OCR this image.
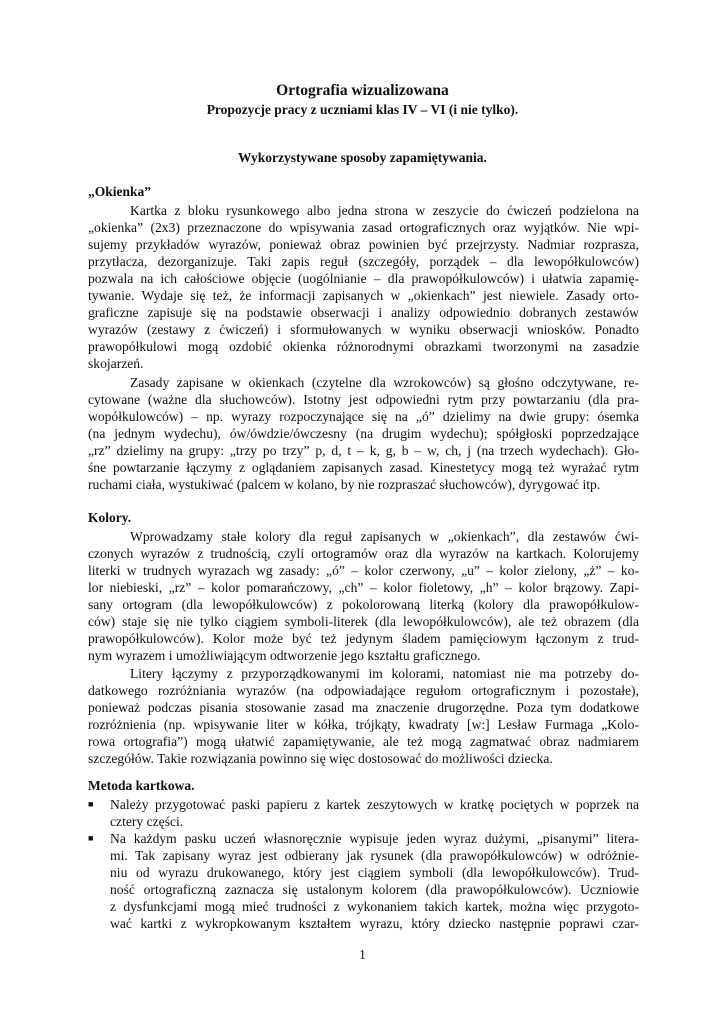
Ortografia wizualizowana
Propozycje pracy z uczniami klas IV – VI (i nie tylko).
Wykorzystywane sposoby zapamiętywania.
„Okienka”
Kartka z bloku rysunkowego albo jedna strona w zeszycie do ćwiczeń podzielona na
„okienka” (2x3) przeznaczone do wpisywania zasad ortograficznych oraz wyjątków. Nie wpi-
sujemy przykładów wyrazów, ponieważ obraz powinien być przejrzysty. Nadmiar rozprasza,
przytłacza, dezorganizuje. Taki zapis reguł (szczegóły, porządek – dla lewopółkulowców)
pozwala na ich całościowe objęcie (uogólnianie – dla prawopółkulowców) i ułatwia zapamię-
tywanie. Wydaje się też, że informacji zapisanych w „okienkach” jest niewiele. Zasady orto-
graficzne zapisuje się na podstawie obserwacji i analizy odpowiednio dobranych zestawów
wyrazów (zestawy z ćwiczeń) i sformułowanych w wyniku obserwacji wniosków. Ponadto
prawopółkulowi mogą ozdobić okienka różnorodnymi obrazkami tworzonymi na zasadzie
skojarzeń.
Zasady zapisane w okienkach (czytelne dla wzrokowców) są głośno odczytywane, re-
cytowane (ważne dla słuchowców). Istotny jest odpowiedni rytm przy powtarzaniu (dla pra-
wopółkulowców) – np. wyrazy rozpoczynające się na „ó” dzielimy na dwie grupy: ósemka
(na jednym wydechu), ów/ówdzie/ówczesny (na drugim wydechu); spółgłoski poprzedzające
„rz” dzielimy na grupy: „trzy po trzy” p, d, t – k, g, b – w, ch, j (na trzech wydechach). Gło-
śne powtarzanie łączymy z oglądaniem zapisanych zasad. Kinestetycy mogą też wyrażać rytm
ruchami ciała, wystukiwać (palcem w kolano, by nie rozpraszać słuchowców), dyrygować itp.
Kolory.
Wprowadzamy stałe kolory dla reguł zapisanych w „okienkach”, dla zestawów ćwi-
czonych wyrazów z trudnością, czyli ortogramów oraz dla wyrazów na kartkach. Kolorujemy
literki w trudnych wyrazach wg zasady: „ó” – kolor czerwony, „u” – kolor zielony, „ż” – ko-
lor niebieski, „rz” – kolor pomarańczowy, „ch” – kolor fioletowy, „h” – kolor brązowy. Zapi-
sany ortogram (dla lewopółkulowców) z pokolorowaną literką (kolory dla prawopółkulow-
ców) staje się nie tylko ciągiem symboli-literek (dla lewopółkulowców), ale też obrazem (dla
prawopółkulowców). Kolor może być też jedynym śladem pamięciowym łączonym z trud-
nym wyrazem i umożliwiającym odtworzenie jego kształtu graficznego.
Litery łączymy z przyporządkowanymi im kolorami, natomiast nie ma potrzeby do-
datkowego rozróżniania wyrazów (na odpowiadające regułom ortograficznym i pozostałe),
ponieważ podczas pisania stosowanie zasad ma znaczenie drugorzędne. Poza tym dodatkowe
rozróżnienia (np. wpisywanie liter w kółka, trójkąty, kwadraty [w:] Lesław Furmaga „Kolo-
rowa ortografia”) mogą ułatwić zapamiętywanie, ale też mogą zagmatwać obraz nadmiarem
szczegółów. Takie rozwiązania powinno się więc dostosować do możliwości dziecka.
Metoda kartkowa.
■ Należy przygotować paski papieru z kartek zeszytowych w kratkę pociętych w poprzek na
cztery części.
■ Na każdym pasku uczeń własnoręcznie wypisuje jeden wyraz dużymi, „pisanymi” litera-
mi. Tak zapisany wyraz jest odbierany jak rysunek (dla prawopółkulowców) w odróżnie-
niu od wyrazu drukowanego, który jest ciągiem symboli (dla lewopółkulowców). Trud-
ność ortograficzną zaznacza się ustalonym kolorem (dla prawopółkulowców). Uczniowie
z dysfunkcjami mogą mieć trudności z wykonaniem takich kartek, można więc przygoto-
wać kartki z wykropkowanym kształtem wyrazu, który dziecko następnie poprawi czar-
1
